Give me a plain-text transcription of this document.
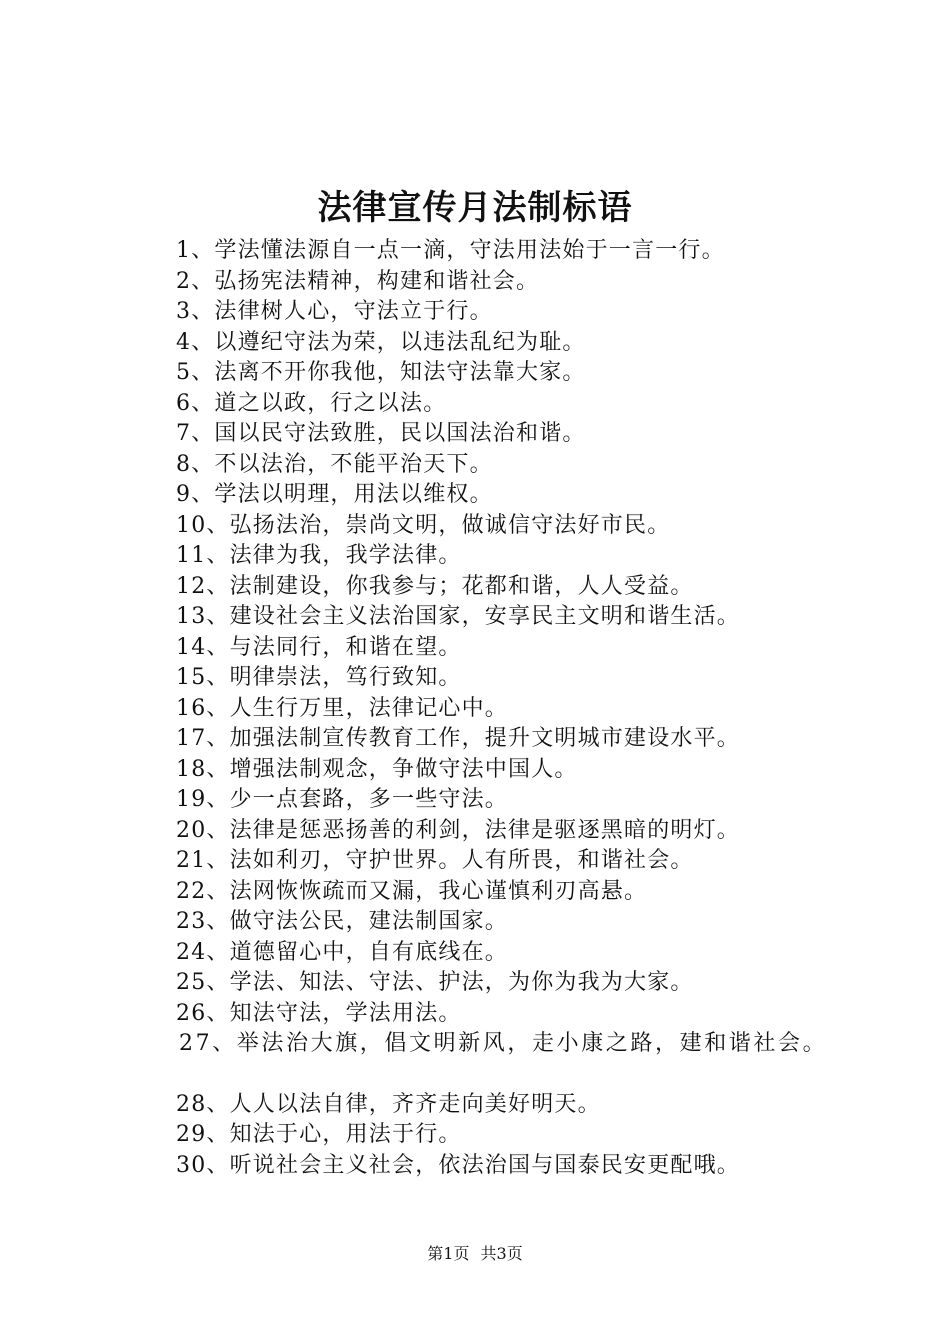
法律宣传月法制标语
1、学法懂法源自一点一滴，守法用法始于一言一行。
2、弘扬宪法精神，构建和谐社会。
3、法律树人心，守法立于行。
4、以遵纪守法为荣，以违法乱纪为耻。
5、法离不开你我他，知法守法靠大家。
6、道之以政，行之以法。
7、国以民守法致胜，民以国法治和谐。
8、不以法治，不能平治天下。
9、学法以明理，用法以维权。
10、弘扬法治，崇尚文明，做诚信守法好市民。
11、法律为我，我学法律。
12、法制建设，你我参与；花都和谐，人人受益。
13、建设社会主义法治国家，安享民主文明和谐生活。
14、与法同行，和谐在望。
15、明律崇法，笃行致知。
16、人生行万里，法律记心中。
17、加强法制宣传教育工作，提升文明城市建设水平。
18、增强法制观念，争做守法中国人。
19、少一点套路，多一些守法。
20、法律是惩恶扬善的利剑，法律是驱逐黑暗的明灯。
21、法如利刃，守护世界。人有所畏，和谐社会。
22、法网恢恢疏而又漏，我心谨慎利刃高悬。
23、做守法公民，建法制国家。
24、道德留心中，自有底线在。
25、学法、知法、守法、护法，为你为我为大家。
26、知法守法，学法用法。
27、举法治大旗，倡文明新风，走小康之路，建和谐社会。
28、人人以法自律，齐齐走向美好明天。
29、知法于心，用法于行。
30、听说社会主义社会，依法治国与国泰民安更配哦。
第1页 共3页
